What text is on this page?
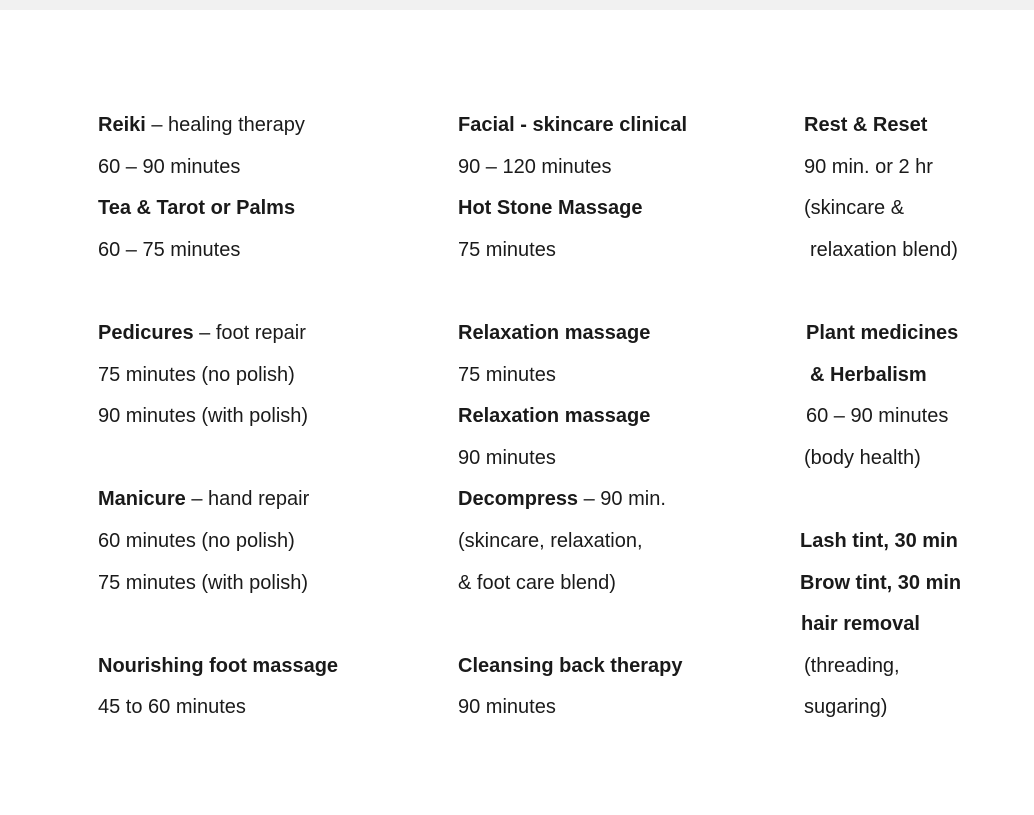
Reiki – healing therapy
60 – 90 minutes
Tea & Tarot or Palms
60 – 75 minutes
Pedicures – foot repair
75 minutes (no polish)
90 minutes (with polish)
Manicure – hand repair
60 minutes (no polish)
75 minutes (with polish)
Nourishing foot massage
45 to 60 minutes
Facial - skincare clinical
90 – 120 minutes
Hot Stone Massage
75 minutes
Relaxation massage
75 minutes
Relaxation massage
90 minutes
Decompress – 90 min.
(skincare, relaxation,
& foot care blend)
Cleansing back therapy
90 minutes
Rest & Reset
90 min. or 2 hr
(skincare &
relaxation blend)
Plant medicines
& Herbalism
60 – 90 minutes
(body health)
Lash tint, 30 min
Brow tint, 30 min
hair removal
(threading,
sugaring)
